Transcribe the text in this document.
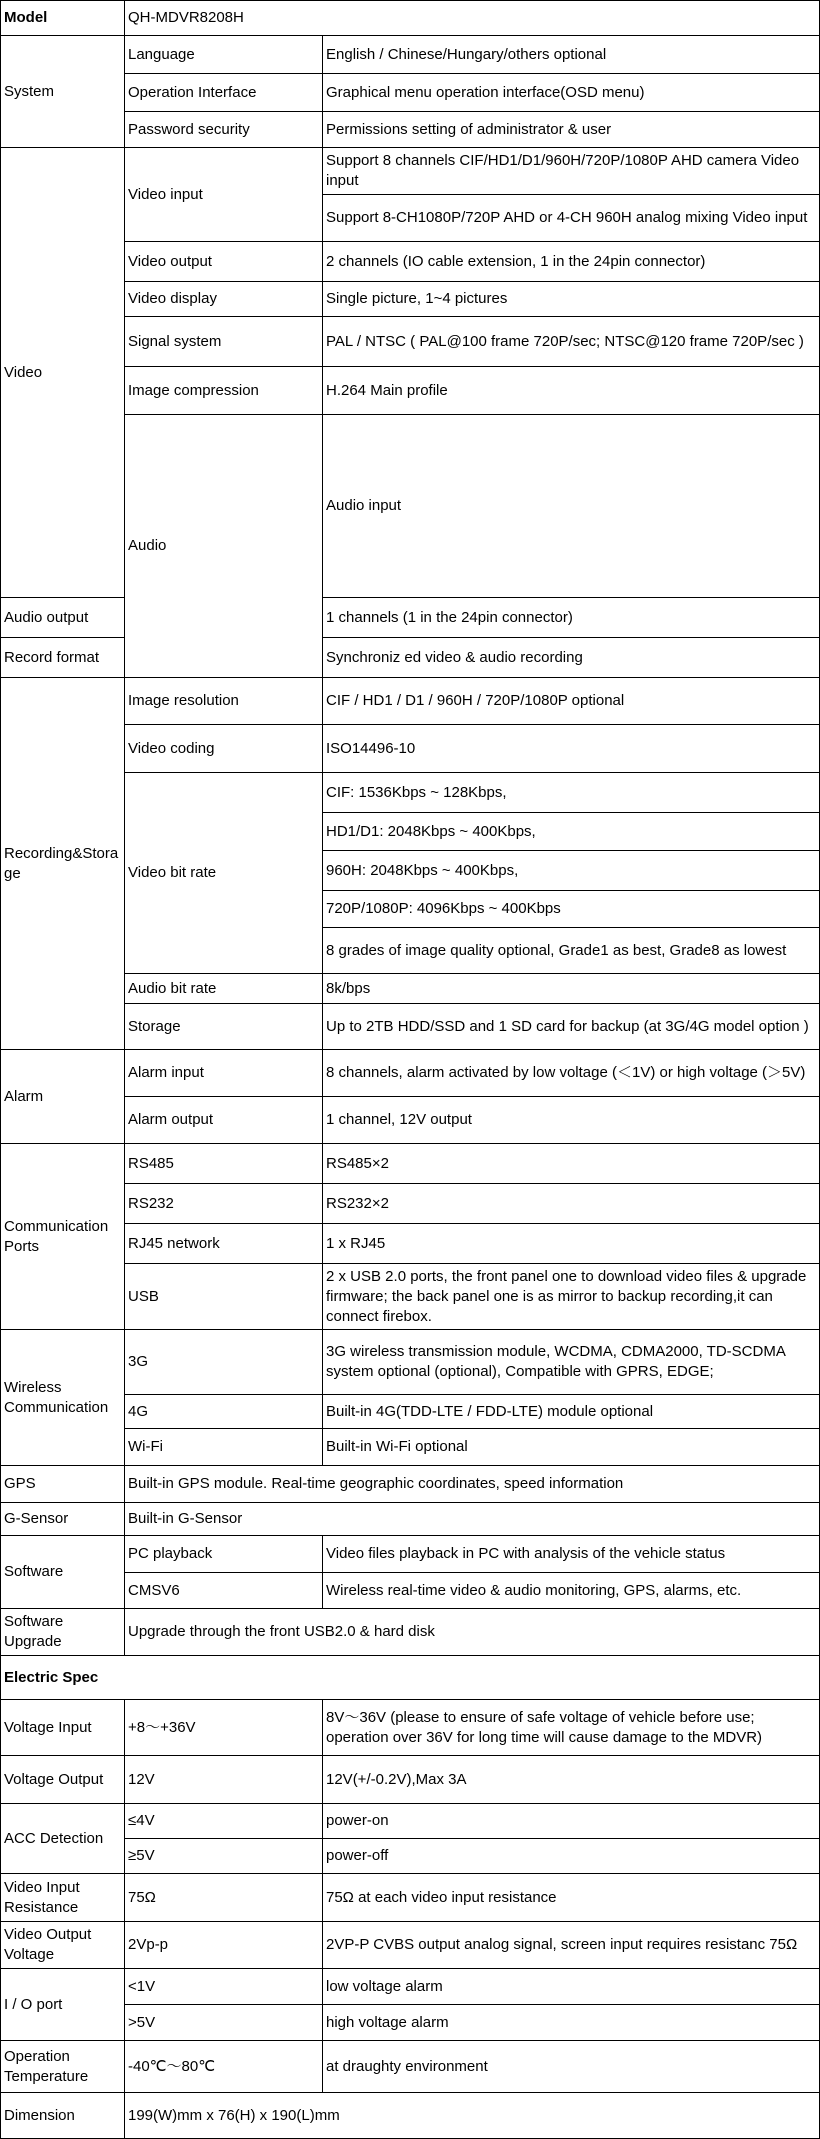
Model	QH-MDVR8208H		
System	Language	English / Chinese/Hungary/others optional	
	Operation Interface	Graphical menu operation interface(OSD menu)	
	Password security	Permissions setting of administrator & user	
Video	Video input	Support 8 channels CIF/HD1/D1/960H/720P/1080P AHD camera Video input	
		Support 8-CH1080P/720P AHD or 4-CH 960H analog mixing Video input	
	Video output	2 channels (IO cable extension, 1 in the 24pin connector)	
	Video display	Single picture, 1~4 pictures	
	Signal system	PAL / NTSC ( PAL@100 frame 720P/sec; NTSC@120 frame 720P/sec )	
	Image compression	H.264 Main profile	
	Audio	Audio input	
Audio output		1 channels (1 in the 24pin connector)	
Record format		Synchroniz ed video & audio recording	
Recording&Storage	Image resolution	CIF / HD1 / D1 / 960H / 720P/1080P optional	
	Video coding	ISO14496-10	
	Video bit rate	CIF: 1536Kbps ~ 128Kbps,	
		HD1/D1: 2048Kbps ~ 400Kbps,	
		960H: 2048Kbps ~ 400Kbps,	
		720P/1080P: 4096Kbps ~ 400Kbps	
		8 grades of image quality optional, Grade1 as best, Grade8 as lowest	
	Audio bit rate	8k/bps	
	Storage	Up to 2TB HDD/SSD and 1 SD card for backup (at 3G/4G model option )	
Alarm	Alarm input	8 channels, alarm activated by low voltage (＜1V) or high voltage (＞5V)	
	Alarm output	1 channel, 12V output	
Communication Ports	RS485	RS485×2	
	RS232	RS232×2	
	RJ45 network	1 x RJ45	
	USB	2 x USB 2.0 ports, the front panel one to download video files & upgrade firmware; the back panel one is as mirror to backup recording,it can connect firebox.	
Wireless Communication	3G	3G wireless transmission module, WCDMA, CDMA2000, TD-SCDMA system optional (optional), Compatible with GPRS, EDGE;	
	4G	Built-in 4G(TDD-LTE / FDD-LTE) module optional	
	Wi-Fi	Built-in Wi-Fi optional	
GPS	Built-in GPS module. Real-time geographic coordinates, speed information		
G-Sensor	Built-in G-Sensor		
Software	PC playback	Video files playback in PC with analysis of the vehicle status	
	CMSV6	Wireless real-time video & audio monitoring, GPS, alarms, etc.	
Software Upgrade	Upgrade through the front USB2.0 & hard disk		
Electric Spec			
Voltage Input	+8～+36V	8V～36V (please to ensure of safe voltage of vehicle before use; operation over 36V for long time will cause damage to the MDVR)	
Voltage Output	12V	12V(+/-0.2V),Max 3A	
ACC Detection	≤4V	power-on	
	≥5V	power-off	
Video Input Resistance	75Ω	75Ω at each video input resistance	
Video Output Voltage	2Vp-p	2VP-P CVBS output analog signal, screen input requires resistanc 75Ω	
I / O port	<1V	low voltage alarm	
	>5V	high voltage alarm	
Operation Temperature	-40℃～80℃	at draughty environment	
Dimension	199(W)mm x 76(H) x 190(L)mm		
